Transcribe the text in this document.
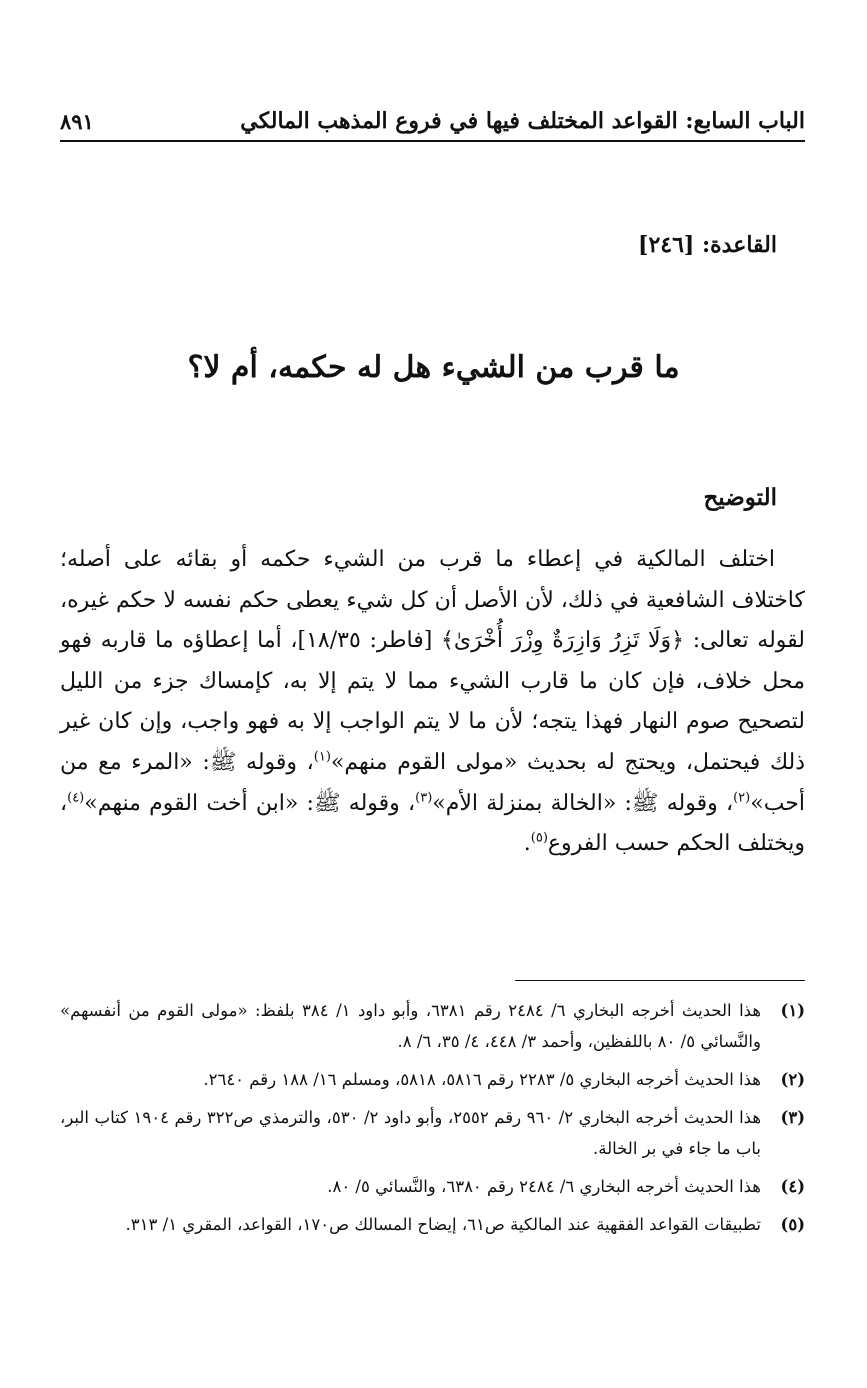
الباب السابع: القواعد المختلف فيها في فروع المذهب المالكي
٨٩١
القاعدة: [٢٤٦]
ما قرب من الشيء هل له حكمه، أم لا؟
التوضيح

اختلف المالكية في إعطاء ما قرب من الشيء حكمه أو بقائه على أصله؛ كاختلاف الشافعية في ذلك، لأن الأصل أن كل شيء يعطى حكم نفسه لا حكم غيره، لقوله تعالى: ﴿وَلَا تَزِرُ وَازِرَةٌ وِزْرَ أُخْرَىٰ﴾ [فاطر: ١٨/٣٥]، أما إعطاؤه ما قاربه فهو محل خلاف، فإن كان ما قارب الشيء مما لا يتم إلا به، كإمساك جزء من الليل لتصحيح صوم النهار فهذا يتجه؛ لأن ما لا يتم الواجب إلا به فهو واجب، وإن كان غير ذلك فيحتمل، ويحتج له بحديث «مولى القوم منهم»$^{(١)}$، وقوله ﷺ: «المرء مع من أحب»$^{(٢)}$، وقوله ﷺ: «الخالة بمنزلة الأم»$^{(٣)}$، وقوله ﷺ: «ابن أخت القوم منهم»$^{(٤)}$، ويختلف الحكم حسب الفروع$^{(٥)}$.

(١)
هذا الحديث أخرجه البخاري ٦/ ٢٤٨٤ رقم ٦٣٨١، وأبو داود ١/ ٣٨٤ بلفظ: «مولى القوم من أنفسهم» والنَّسائي ٥/ ٨٠ باللفظين، وأحمد ٣/ ٤٤٨، ٤/ ٣٥، ٦/ ٨.
(٢)
هذا الحديث أخرجه البخاري ٥/ ٢٢٨٣ رقم ٥٨١٦، ٥٨١٨، ومسلم ١٦/ ١٨٨ رقم ٢٦٤٠.
(٣)
هذا الحديث أخرجه البخاري ٢/ ٩٦٠ رقم ٢٥٥٢، وأبو داود ٢/ ٥٣٠، والترمذي ص٣٢٢ رقم ١٩٠٤ كتاب البر، باب ما جاء في بر الخالة.
(٤)
هذا الحديث أخرجه البخاري ٦/ ٢٤٨٤ رقم ٦٣٨٠، والنَّسائي ٥/ ٨٠.
(٥)
تطبيقات القواعد الفقهية عند المالكية ص٦١، إيضاح المسالك ص١٧٠، القواعد، المقري ١/ ٣١٣.
